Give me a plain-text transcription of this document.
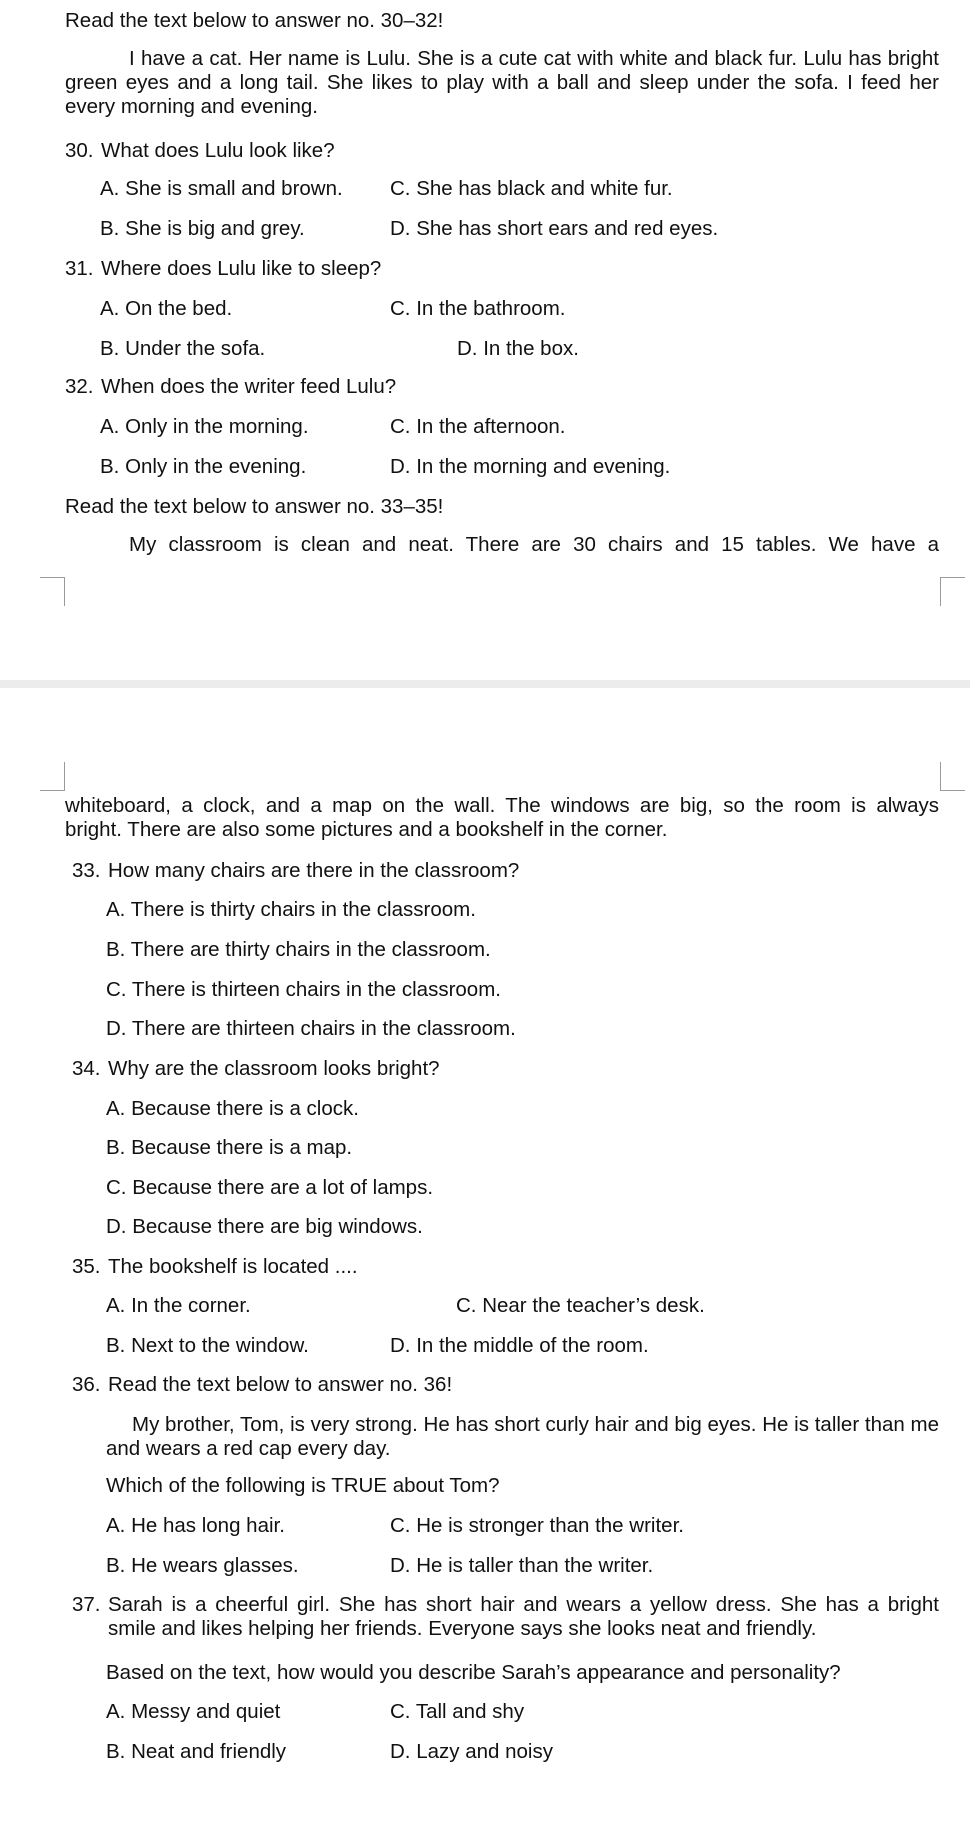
Read the text below to answer no. 30–32!
I have a cat. Her name is Lulu. She is a cute cat with white and black fur. Lulu has bright green eyes and a long tail. She likes to play with a ball and sleep under the sofa. I feed her every morning and evening.
30. What does Lulu look like?
A. She is small and brown. C. She has black and white fur.
B. She is big and grey.	D. She has short ears and red eyes.
31. Where does Lulu like to sleep?
A. On the bed.	C. In the bathroom.
B. Under the sofa.	D. In the box.
32. When does the writer feed Lulu?
A. Only in the morning.	C. In the afternoon.
B. Only in the evening.	D. In the morning and evening.
Read the text below to answer no. 33–35!
My classroom is clean and neat. There are 30 chairs and 15 tables. We have a
whiteboard, a clock, and a map on the wall. The windows are big, so the room is always
bright. There are also some pictures and a bookshelf in the corner.
33. How many chairs are there in the classroom?
A. There is thirty chairs in the classroom.
B. There are thirty chairs in the classroom.
C. There is thirteen chairs in the classroom.
D. There are thirteen chairs in the classroom.
34. Why are the classroom looks bright?
A. Because there is a clock.
B. Because there is a map.
C. Because there are a lot of lamps.
D. Because there are big windows.
35. The bookshelf is located ....
A. In the corner.	C. Near the teacher’s desk.
B. Next to the window.	D. In the middle of the room.
36. Read the text below to answer no. 36!
My brother, Tom, is very strong. He has short curly hair and big eyes. He is taller than me and wears a red cap every day.
Which of the following is TRUE about Tom?
A. He has long hair.	C. He is stronger than the writer.
B. He wears glasses.	D. He is taller than the writer.
37. Sarah is a cheerful girl. She has short hair and wears a yellow dress. She has a bright smile and likes helping her friends. Everyone says she looks neat and friendly.
Based on the text, how would you describe Sarah’s appearance and personality?
A. Messy and quiet	C. Tall and shy
B. Neat and friendly	D. Lazy and noisy
